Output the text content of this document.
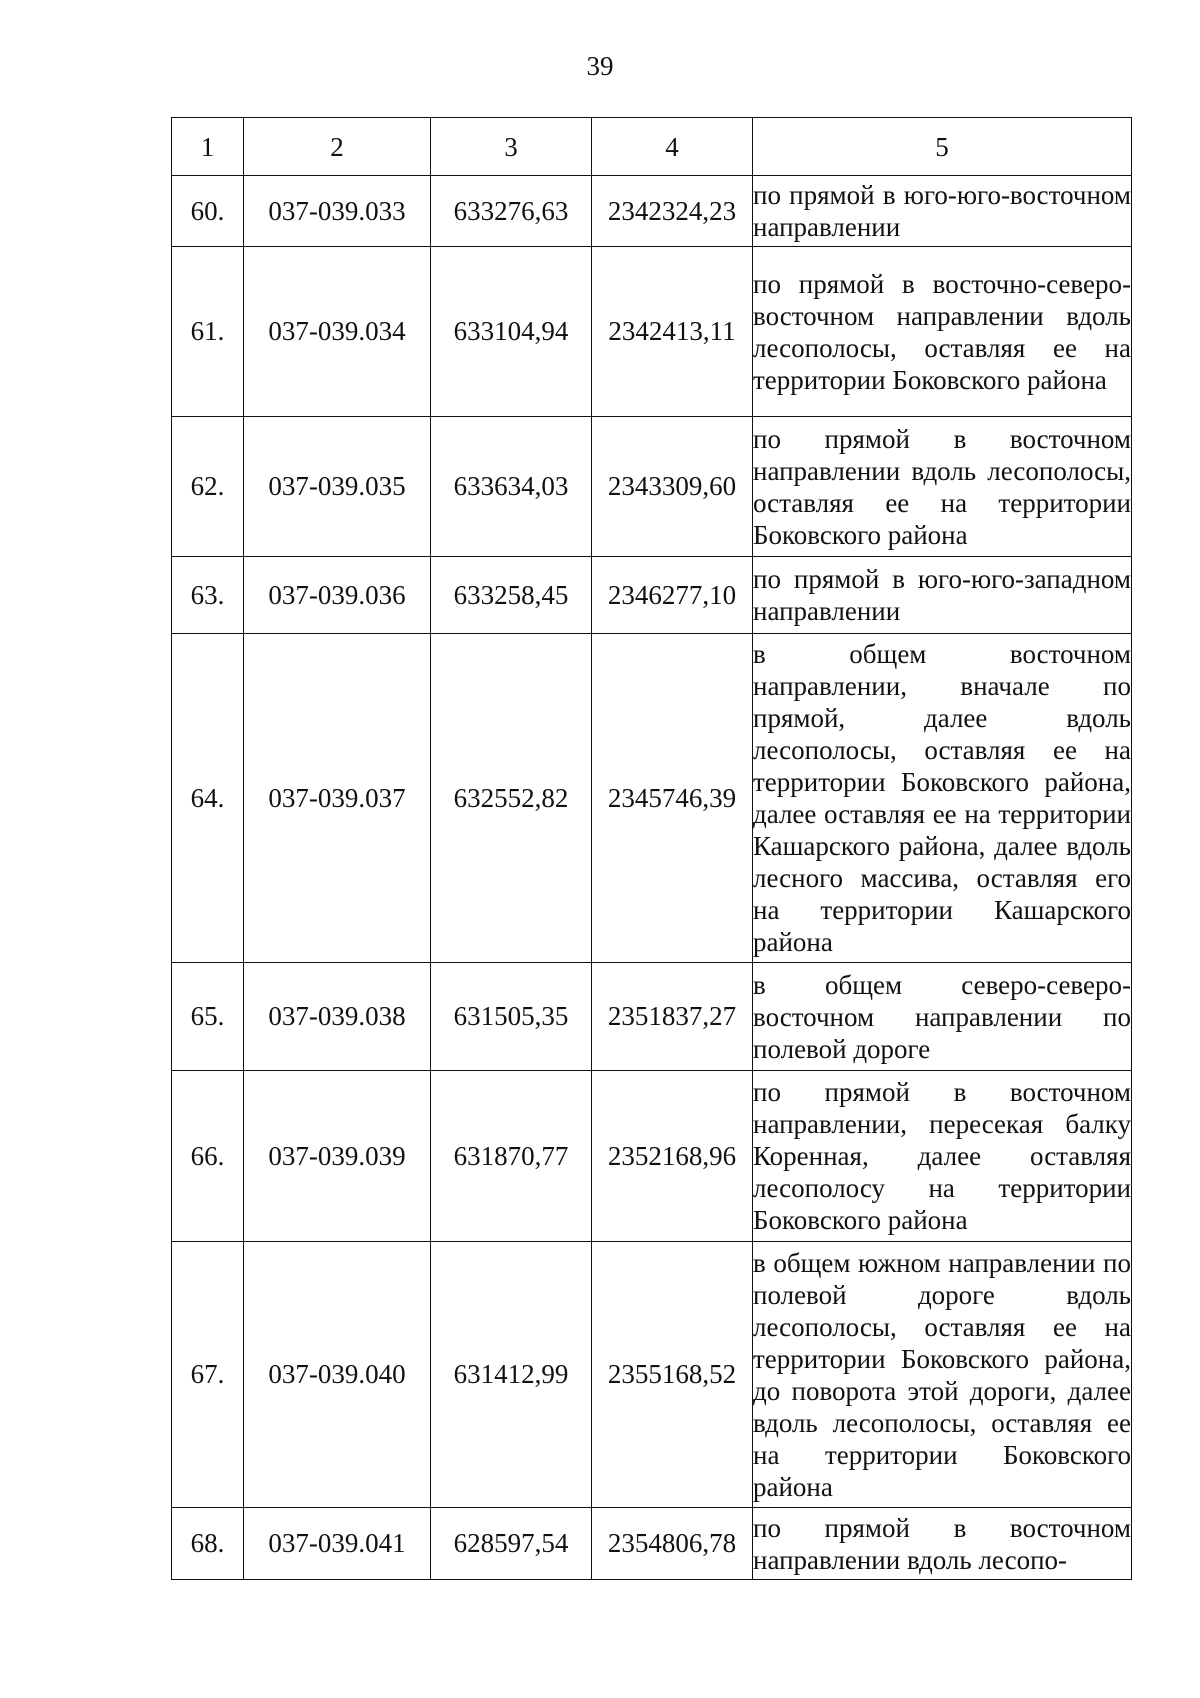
39
1	2	3	4	5
60.	037-039.033	633276,63	2342324,23	по прямой в юго-юго-восточном направлении
61.	037-039.034	633104,94	2342413,11	по прямой в восточно-северо-восточном направлении вдоль лесополосы, оставляя ее на территории Боковского района
62.	037-039.035	633634,03	2343309,60	по прямой в восточном направлении вдоль лесополосы, оставляя ее на территории Боковского района
63.	037-039.036	633258,45	2346277,10	по прямой в юго-юго-западном направлении
64.	037-039.037	632552,82	2345746,39	в общем восточном направлении, вначале по прямой, далее вдоль лесополосы, оставляя ее на территории Боковского района, далее оставляя ее на территории Кашарского района, далее вдоль лесного массива, оставляя его на территории Кашарского района
65.	037-039.038	631505,35	2351837,27	в общем северо-северо-восточном направлении по полевой дороге
66.	037-039.039	631870,77	2352168,96	по прямой в восточном направлении, пересекая балку Коренная, далее оставляя лесополосу на территории Боковского района
67.	037-039.040	631412,99	2355168,52	в общем южном направлении по полевой дороге вдоль лесополосы, оставляя ее на территории Боковского района, до поворота этой дороги, далее вдоль лесополосы, оставляя ее на территории Боковского района
68.	037-039.041	628597,54	2354806,78	по прямой в восточном направлении вдоль лесопо-
